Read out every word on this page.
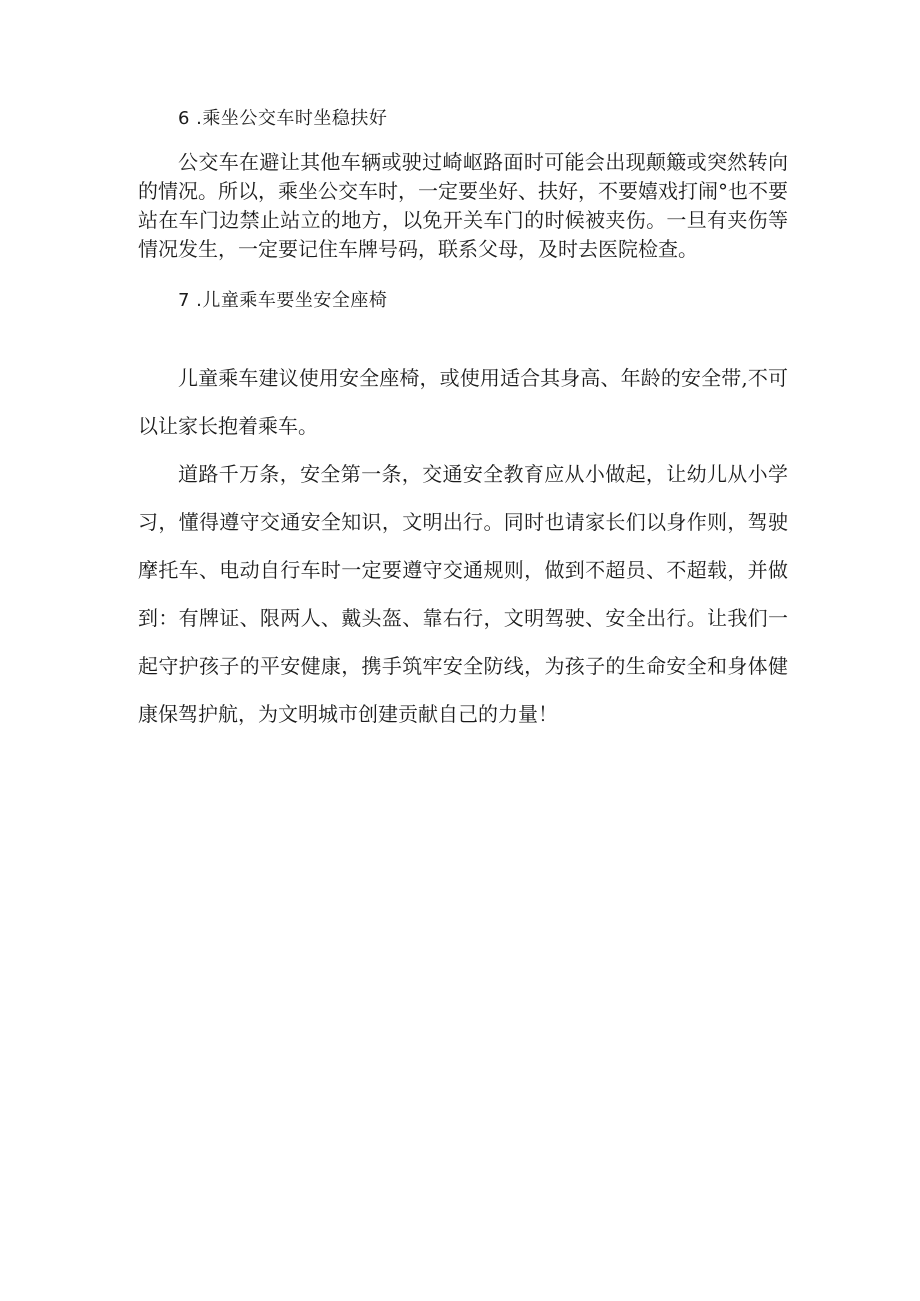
6 .乘坐公交车时坐稳扶好

公交车在避让其他车辆或驶过崎岖路面时可能会出现颠簸或突然转向的情况。所以，乘坐公交车时，一定要坐好、扶好，不要嬉戏打闹°也不要站在车门边禁止站立的地方，以免开关车门的时候被夹伤。一旦有夹伤等情况发生，一定要记住车牌号码，联系父母，及时去医院检查。

7 .儿童乘车要坐安全座椅

儿童乘车建议使用安全座椅，或使用适合其身高、年龄的安全带,不可以让家长抱着乘车。

道路千万条，安全第一条，交通安全教育应从小做起，让幼儿从小学习，懂得遵守交通安全知识，文明出行。同时也请家长们以身作则，驾驶摩托车、电动自行车时一定要遵守交通规则，做到不超员、不超载，并做到：有牌证、限两人、戴头盔、靠右行，文明驾驶、安全出行。让我们一起守护孩子的平安健康，携手筑牢安全防线，为孩子的生命安全和身体健康保驾护航，为文明城市创建贡献自己的力量！
